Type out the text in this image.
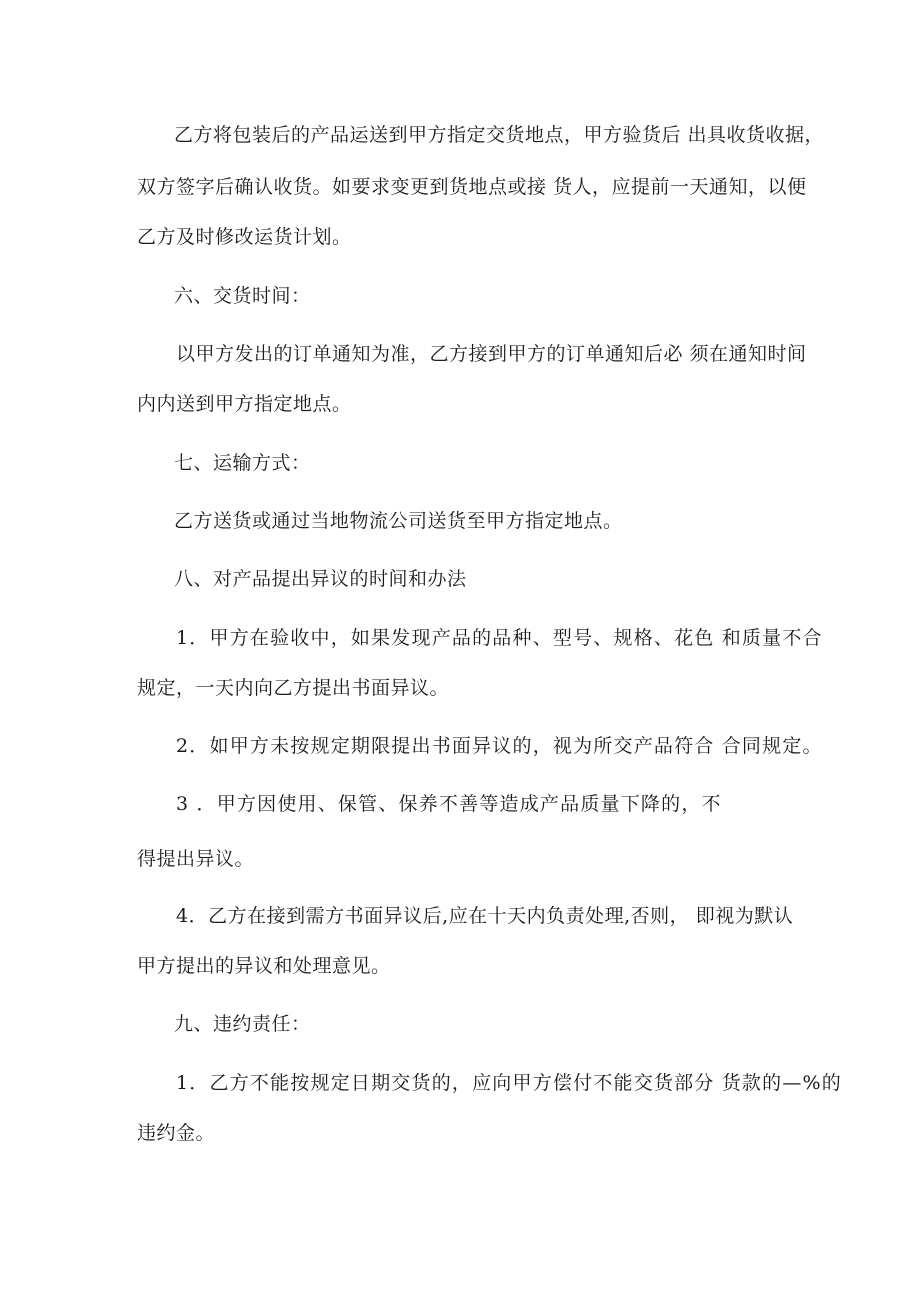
乙方将包装后的产品运送到甲方指定交货地点，甲方验货后 出具收货收据，
双方签字后确认收货。如要求变更到货地点或接 货人，应提前一天通知，以便
乙方及时修改运货计划。
六、交货时间：
以甲方发出的订单通知为准，乙方接到甲方的订单通知后必 须在通知时间
内内送到甲方指定地点。
七、运输方式：
乙方送货或通过当地物流公司送货至甲方指定地点。
八、对产品提出异议的时间和办法
1．甲方在验收中，如果发现产品的品种、型号、规格、花色 和质量不合
规定，一天内向乙方提出书面异议。
2．如甲方未按规定期限提出书面异议的，视为所交产品符合 合同规定。
3 ．甲方因使用、保管、保养不善等造成产品质量下降的，不
得提出异议。
4．乙方在接到需方书面异议后,应在十天内负责处理,否则， 即视为默认
甲方提出的异议和处理意见。
九、违约责任：
1．乙方不能按规定日期交货的，应向甲方偿付不能交货部分 货款的—%的
违约金。
